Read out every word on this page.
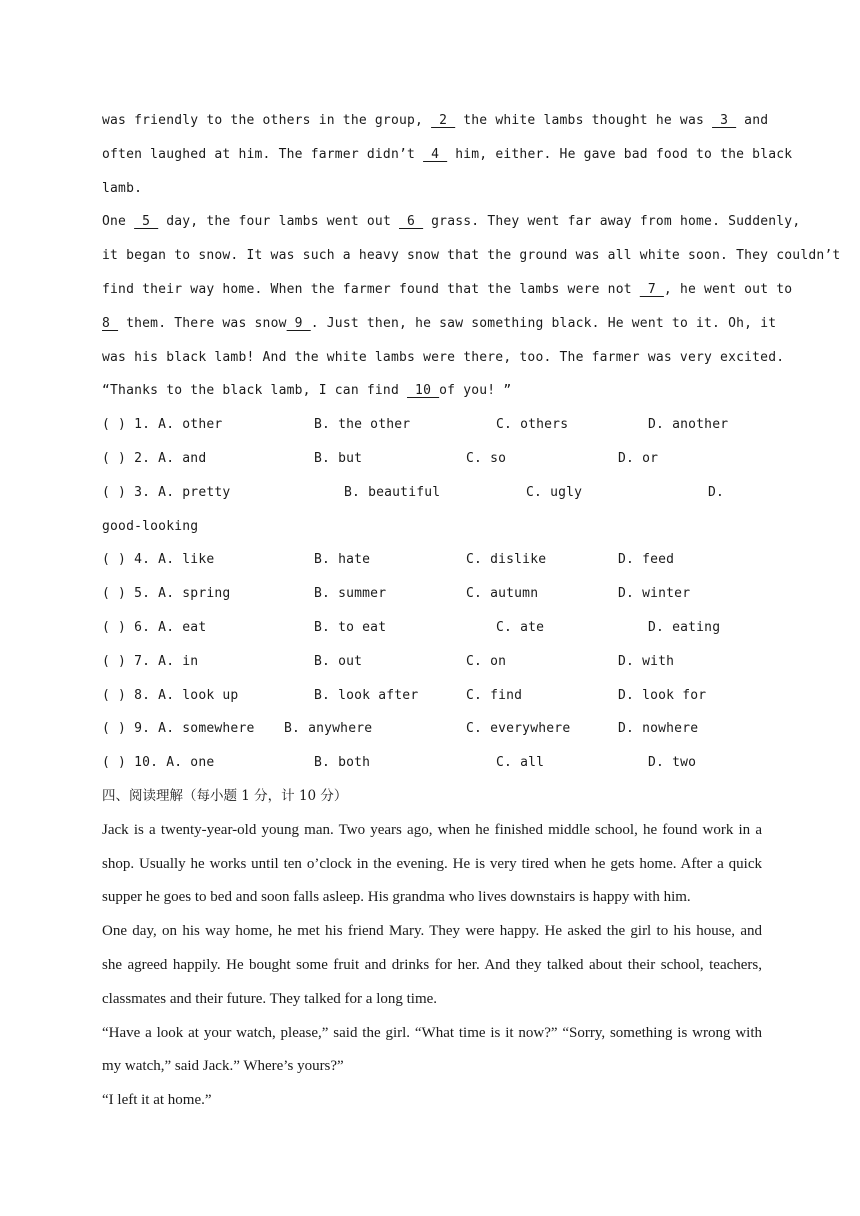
was friendly to the others in the group,  2  the white lambs thought he was  3  and
often laughed at him. The farmer didn’t  4  him, either. He gave bad food to the black
lamb.
One  5  day, the four lambs went out  6  grass. They went far away from home. Suddenly,
it began to snow. It was such a heavy snow that the ground was all white soon. They couldn’t
find their way home. When the farmer found that the lambs were not  7 , he went out to
8  them. There was snow 9 . Just then, he saw something black. He went to it. Oh, it
was his black lamb! And the white lambs were there, too. The farmer was very excited.
“Thanks to the black lamb, I can find  10 of you! ”
( ) 1. A. other	B. the other	C. others	D. another
( ) 2. A. and	B. but	C. so	D. or
( ) 3. A. pretty	B. beautiful	C. ugly	D.
good-looking
( ) 4. A. like	B. hate	C. dislike	D. feed
( ) 5. A. spring	B. summer	C. autumn	D. winter
( ) 6. A. eat	B. to eat	C. ate	D. eating
( ) 7. A. in	B. out	C. on	D. with
( ) 8. A. look up	B. look after	C. find	D. look for
( ) 9. A. somewhere B. anywhere	C. everywhere	D. nowhere
( ) 10. A. one	B. both	C. all	D. two
四、阅读理解（每小题 1 分，计 10 分）
Jack is a twenty-year-old young man. Two years ago, when he finished middle school, he found work in a
shop. Usually he works until ten o’clock in the evening. He is very tired when he gets home. After a quick
supper he goes to bed and soon falls asleep. His grandma who lives downstairs is happy with him.
One day, on his way home, he met his friend Mary. They were happy. He asked the girl to his house, and
she agreed happily. He bought some fruit and drinks for her. And they talked about their school, teachers,
classmates and their future. They talked for a long time.
“Have a look at your watch, please,” said the girl. “What time is it now?” “Sorry, something is wrong with
my watch,” said Jack.” Where’s yours?”
“I left it at home.”
